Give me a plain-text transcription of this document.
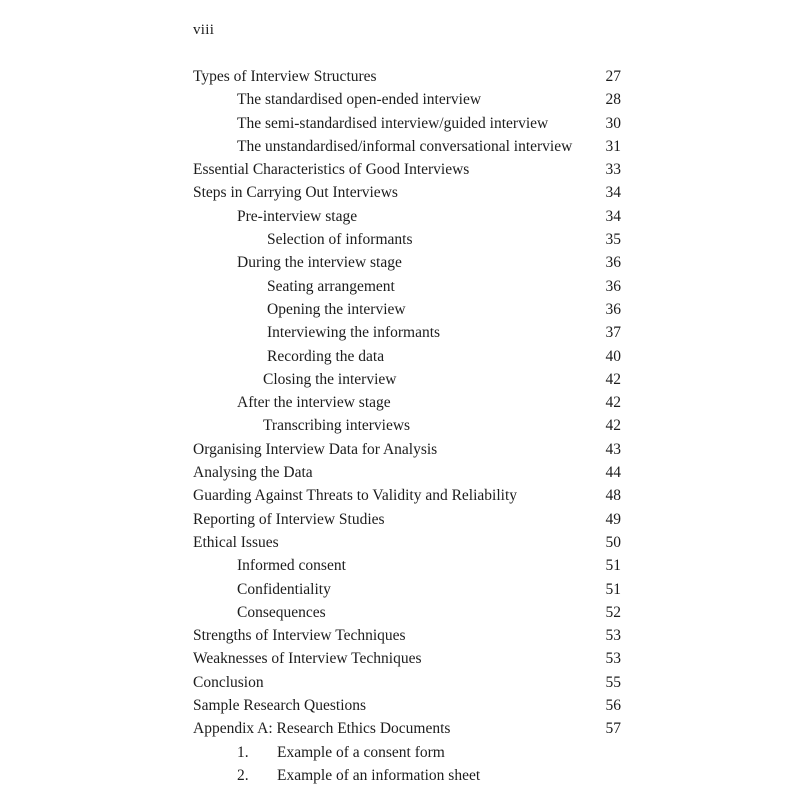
viii
Types of Interview Structures	27
The standardised open-ended interview	28
The semi-standardised interview/guided interview	30
The unstandardised/informal conversational interview 31
Essential Characteristics of Good Interviews	33
Steps in Carrying Out Interviews	34
Pre-interview stage	34
Selection of informants	35
During the interview stage	36
Seating arrangement	36
Opening the interview	36
Interviewing the informants	37
Recording the data	40
Closing the interview	42
After the interview stage	42
Transcribing interviews	42
Organising Interview Data for Analysis	43
Analysing the Data	44
Guarding Against Threats to Validity and Reliability	48
Reporting of Interview Studies	49
Ethical Issues	50
Informed consent	51
Confidentiality	51
Consequences	52
Strengths of Interview Techniques	53
Weaknesses of Interview Techniques	53
Conclusion	55
Sample Research Questions	56
Appendix A: Research Ethics Documents	57
1. Example of a consent form
2. Example of an information sheet
